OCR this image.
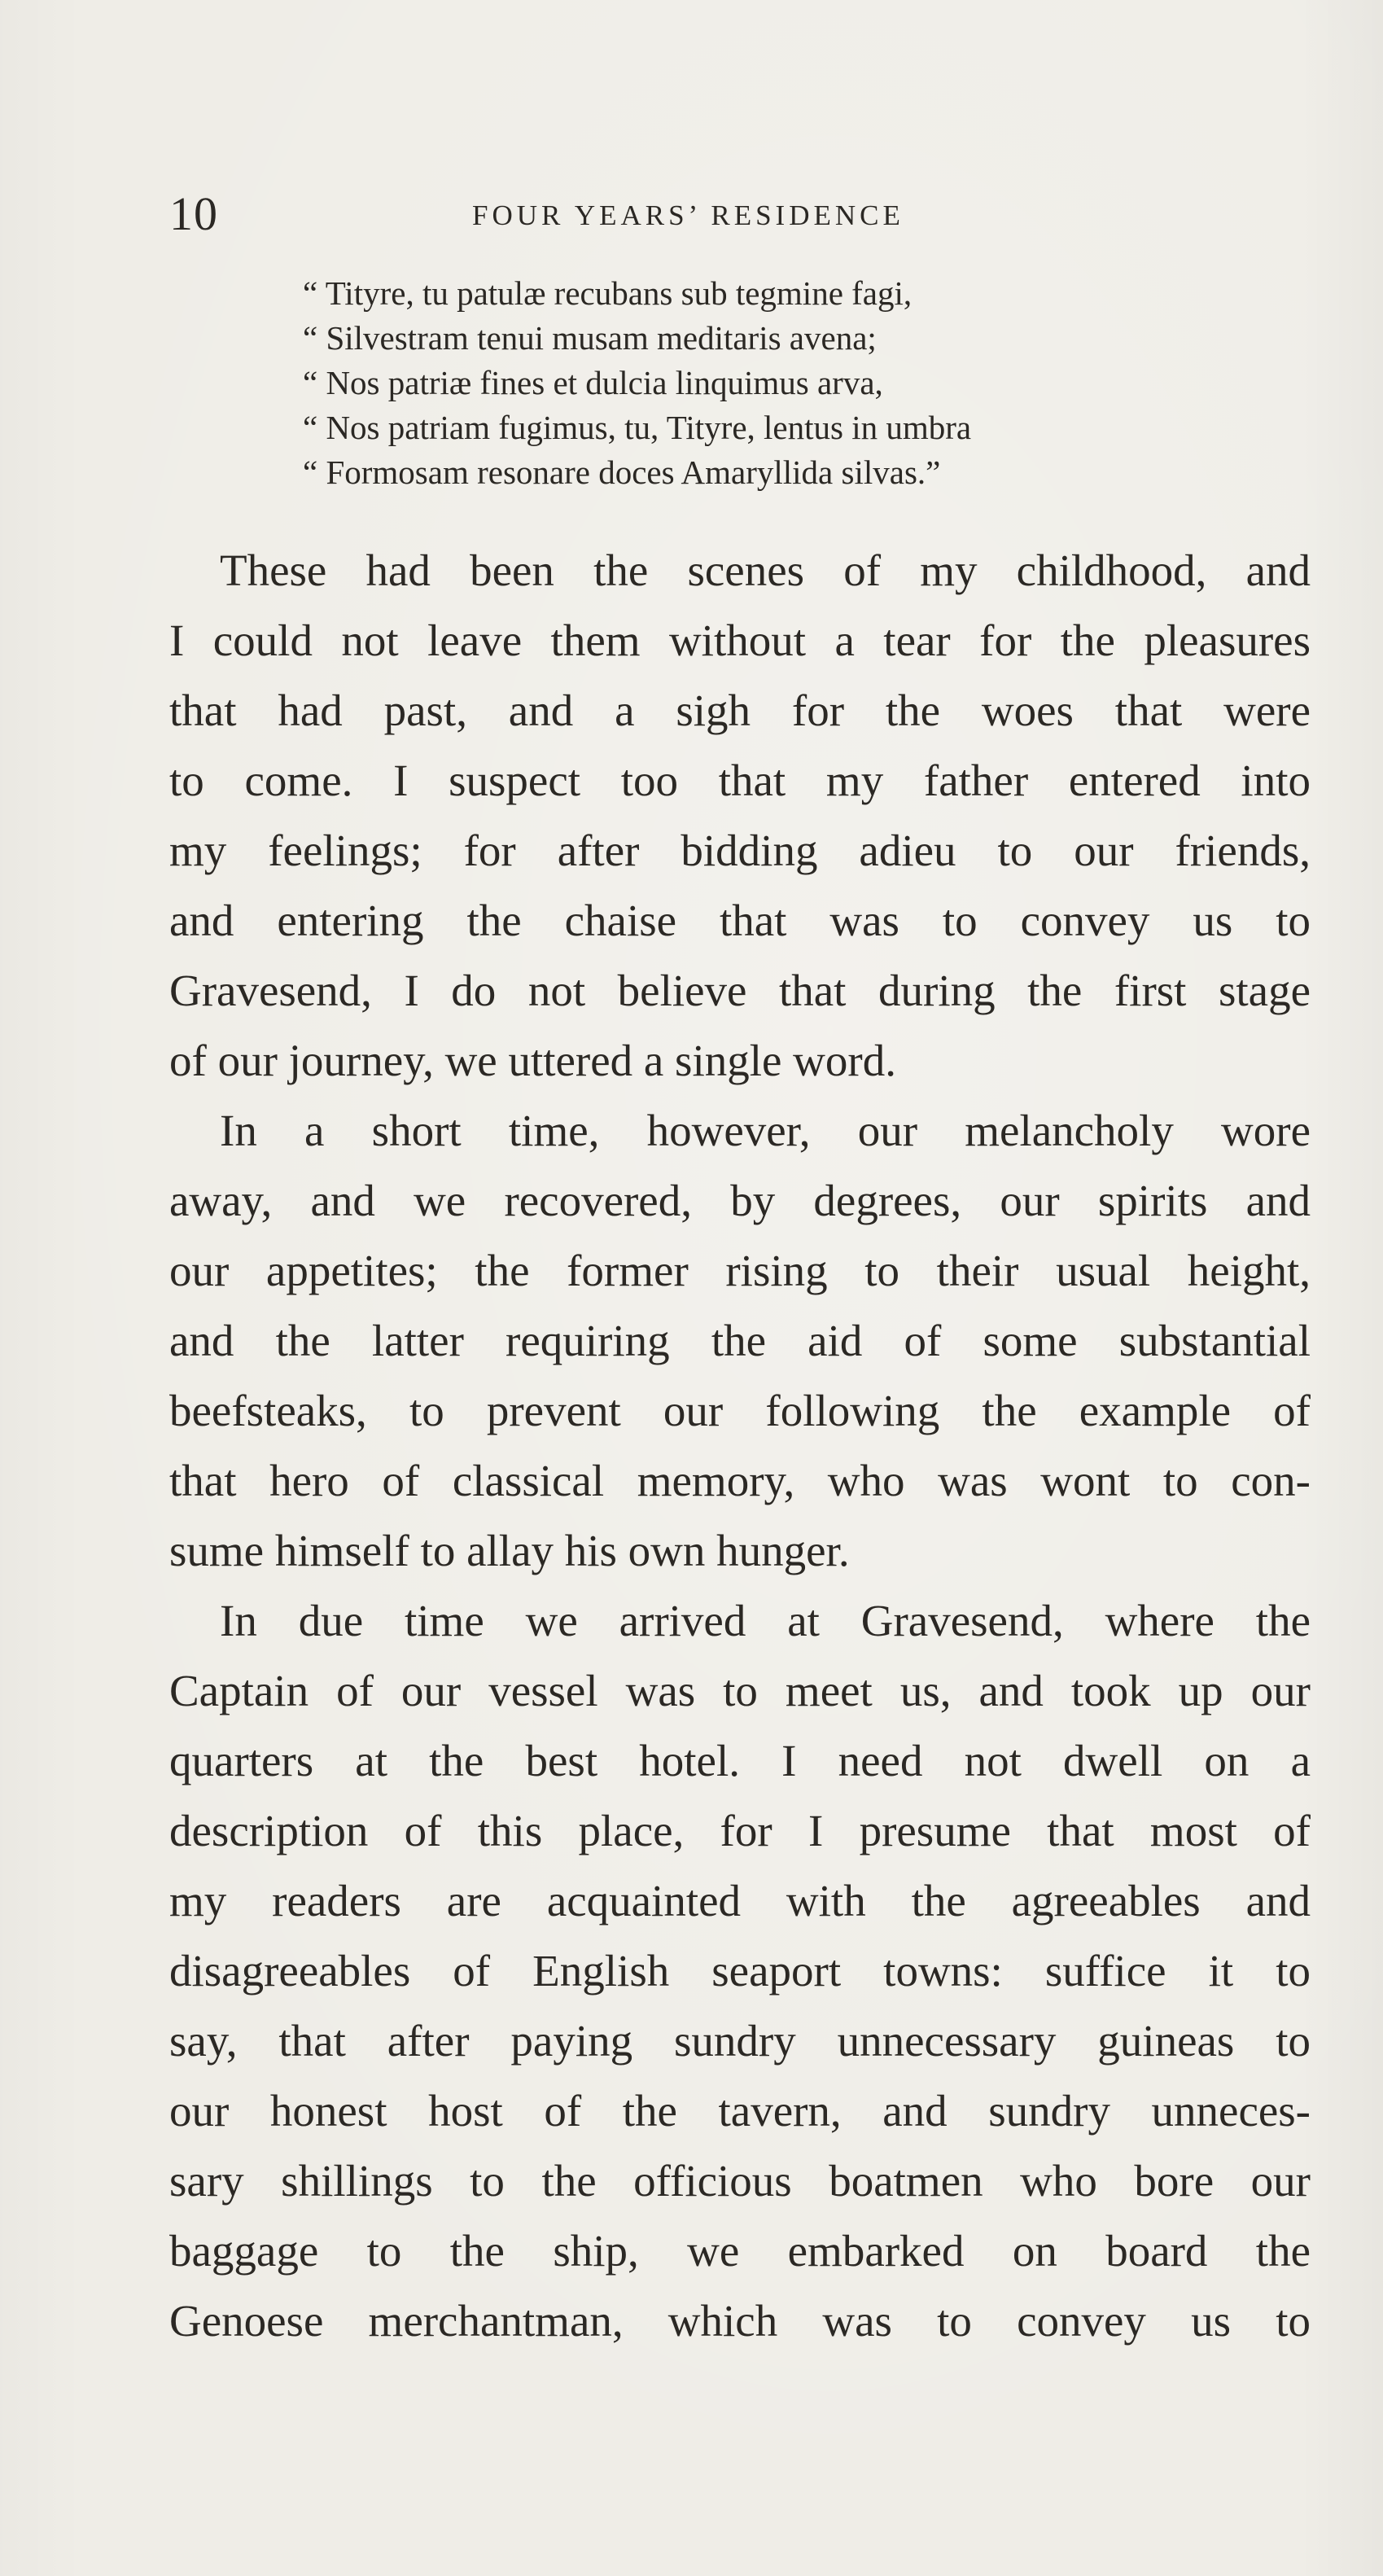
10	FOUR YEARS’ RESIDENCE
“ Tityre, tu patulæ recubans sub tegmine fagi,
“ Silvestram tenui musam meditaris avena;
“ Nos patriæ fines et dulcia linquimus arva,
“ Nos patriam fugimus, tu, Tityre, lentus in umbra
“ Formosam resonare doces Amaryllida silvas.”
These had been the scenes of my childhood, and
I could not leave them without a tear for the pleasures
that had past, and a sigh for the woes that were
to come. I suspect too that my father entered into
my feelings; for after bidding adieu to our friends,
and entering the chaise that was to convey us to
Gravesend, I do not believe that during the first stage
of our journey, we uttered a single word.
In a short time, however, our melancholy wore
away, and we recovered, by degrees, our spirits and
our appetites; the former rising to their usual height,
and the latter requiring the aid of some substantial
beefsteaks, to prevent our following the example of
that hero of classical memory, who was wont to con-
sume himself to allay his own hunger.
In due time we arrived at Gravesend, where the
Captain of our vessel was to meet us, and took up our
quarters at the best hotel. I need not dwell on a
description of this place, for I presume that most of
my readers are acquainted with the agreeables and
disagreeables of English seaport towns: suffice it to
say, that after paying sundry unnecessary guineas to
our honest host of the tavern, and sundry unneces-
sary shillings to the officious boatmen who bore our
baggage to the ship, we embarked on board the
Genoese merchantman, which was to convey us to
